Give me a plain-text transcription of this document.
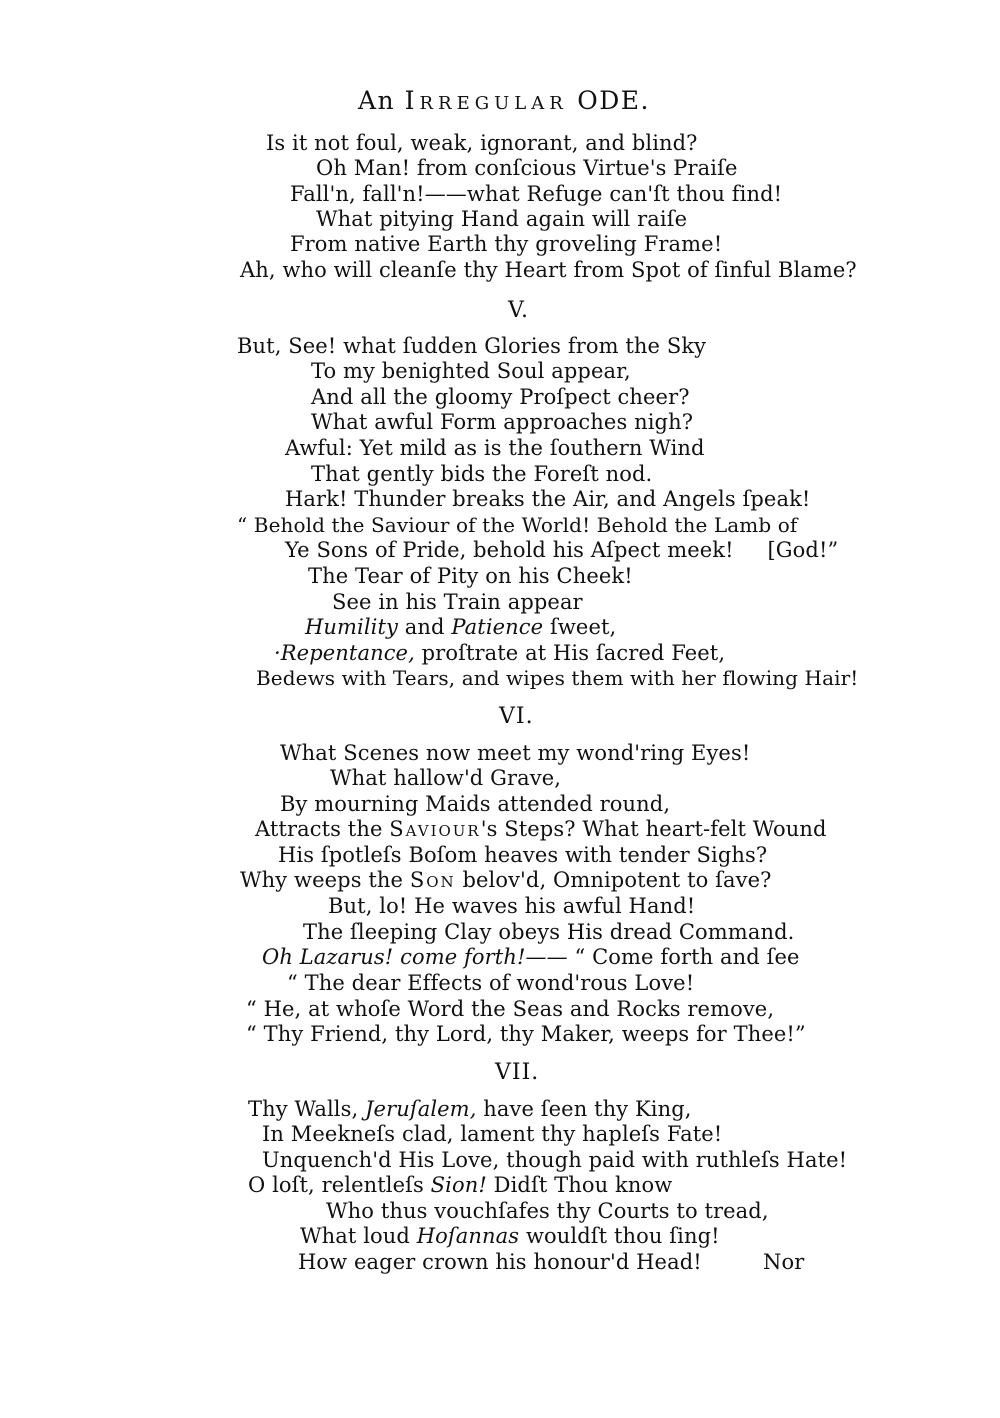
An Irregular ODE.
Is it not foul, weak, ignorant, and blind?
Oh Man! from conſcious Virtue's Praiſe
Fall'n, fall'n!——what Refuge can'ſt thou find!
What pitying Hand again will raiſe
From native Earth thy groveling Frame!
Ah, who will cleanſe thy Heart from Spot of ſinful Blame?
V.
But, See! what ſudden Glories from the Sky
To my benighted Soul appear,
And all the gloomy Proſpect cheer?
What awful Form approaches nigh?
Awful: Yet mild as is the ſouthern Wind
That gently bids the Foreſt nod.
Hark! Thunder breaks the Air, and Angels ſpeak!
“ Behold the Saviour of the World! Behold the Lamb of
Ye Sons of Pride, behold his Aſpect meek!     [God!”
The Tear of Pity on his Cheek!
See in his Train appear
Humility and Patience ſweet,
·Repentance, proſtrate at His ſacred Feet,
Bedews with Tears, and wipes them with her flowing Hair!
VI.
What Scenes now meet my wond'ring Eyes!
What hallow'd Grave,
By mourning Maids attended round,
Attracts the Saviour's Steps? What heart-felt Wound
His ſpotleſs Boſom heaves with tender Sighs?
Why weeps the Son belov'd, Omnipotent to ſave?
But, lo! He waves his awful Hand!
The ſleeping Clay obeys His dread Command.
Oh Lazarus! come forth!—— “ Come forth and ſee
“ The dear Effects of wond'rous Love!
“ He, at whoſe Word the Seas and Rocks remove,
“ Thy Friend, thy Lord, thy Maker, weeps for Thee!”
VII.
Thy Walls, Jeruſalem, have ſeen thy King,
In Meekneſs clad, lament thy hapleſs Fate!
Unquench'd His Love, though paid with ruthleſs Hate!
O loſt, relentleſs Sion! Didſt Thou know
Who thus vouchſafes thy Courts to tread,
What loud Hoſannas wouldſt thou ſing!
How eager crown his honour'd Head!	Nor
